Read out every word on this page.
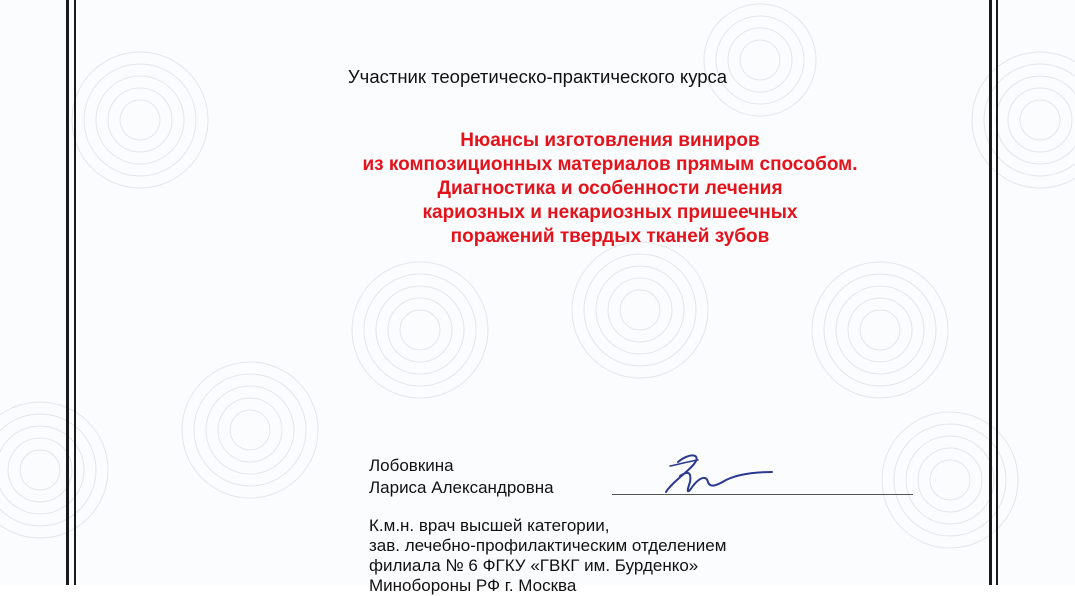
Участник теоретическо-практического курса
Нюансы изготовления виниров
из композиционных материалов прямым способом.
Диагностика и особенности лечения
кариозных и некариозных пришеечных
поражений твердых тканей зубов
Лобовкина
Лариса Александровна
К.м.н. врач высшей категории,
зав. лечебно-профилактическим отделением
филиала № 6 ФГКУ «ГВКГ им. Бурденко»
Минобороны РФ г. Москва
